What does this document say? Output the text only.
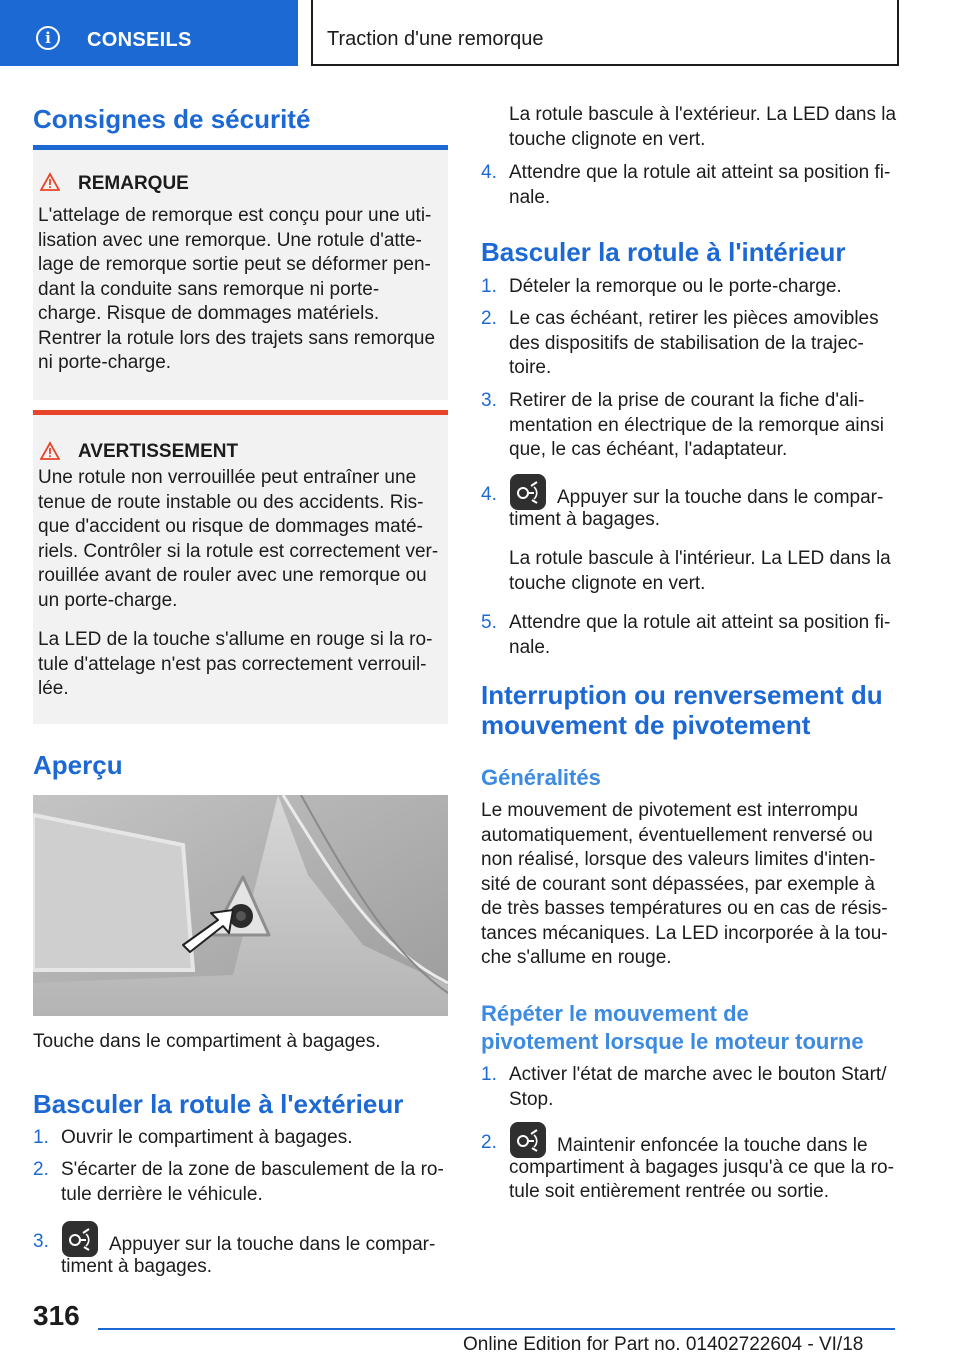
i	CONSEILS	Traction d'une remorque
Consignes de sécurité
REMARQUE
L'attelage de remorque est conçu pour une uti-
lisation avec une remorque. Une rotule d'atte-
lage de remorque sortie peut se déformer pen-
dant la conduite sans remorque ni porte-
charge. Risque de dommages matériels.
Rentrer la rotule lors des trajets sans remorque
ni porte-charge.
AVERTISSEMENT
Une rotule non verrouillée peut entraîner une
tenue de route instable ou des accidents. Ris-
que d'accident ou risque de dommages maté-
riels. Contrôler si la rotule est correctement ver-
rouillée avant de rouler avec une remorque ou
un porte-charge.
La LED de la touche s'allume en rouge si la ro-
tule d'attelage n'est pas correctement verrouil-
lée.
Aperçu

Touche dans le compartiment à bagages.

Basculer la rotule à l'extérieur
1. Ouvrir le compartiment à bagages.
2. S'écarter de la zone de basculement de la ro-
tule derrière le véhicule.
3.	Appuyer sur la touche dans le compar-
timent à bagages.
La rotule bascule à l'extérieur. La LED dans la
touche clignote en vert.
4. Attendre que la rotule ait atteint sa position fi-
nale.
Basculer la rotule à l'intérieur
1. Dételer la remorque ou le porte-charge.
2. Le cas échéant, retirer les pièces amovibles
des dispositifs de stabilisation de la trajec-
toire.
3. Retirer de la prise de courant la fiche d'ali-
mentation en électrique de la remorque ainsi
que, le cas échéant, l'adaptateur.
4.	Appuyer sur la touche dans le compar-
timent à bagages.
La rotule bascule à l'intérieur. La LED dans la
touche clignote en vert.
5. Attendre que la rotule ait atteint sa position fi-
nale.
Interruption ou renversement du
mouvement de pivotement
Généralités
Le mouvement de pivotement est interrompu
automatiquement, éventuellement renversé ou
non réalisé, lorsque des valeurs limites d'inten-
sité de courant sont dépassées, par exemple à
de très basses températures ou en cas de résis-
tances mécaniques. La LED incorporée à la tou-
che s'allume en rouge.
Répéter le mouvement de
pivotement lorsque le moteur tourne
1. Activer l'état de marche avec le bouton Start/
Stop.
2.	Maintenir enfoncée la touche dans le
compartiment à bagages jusqu'à ce que la ro-
tule soit entièrement rentrée ou sortie.
316
Online Edition for Part no. 01402722604 - VI/18
